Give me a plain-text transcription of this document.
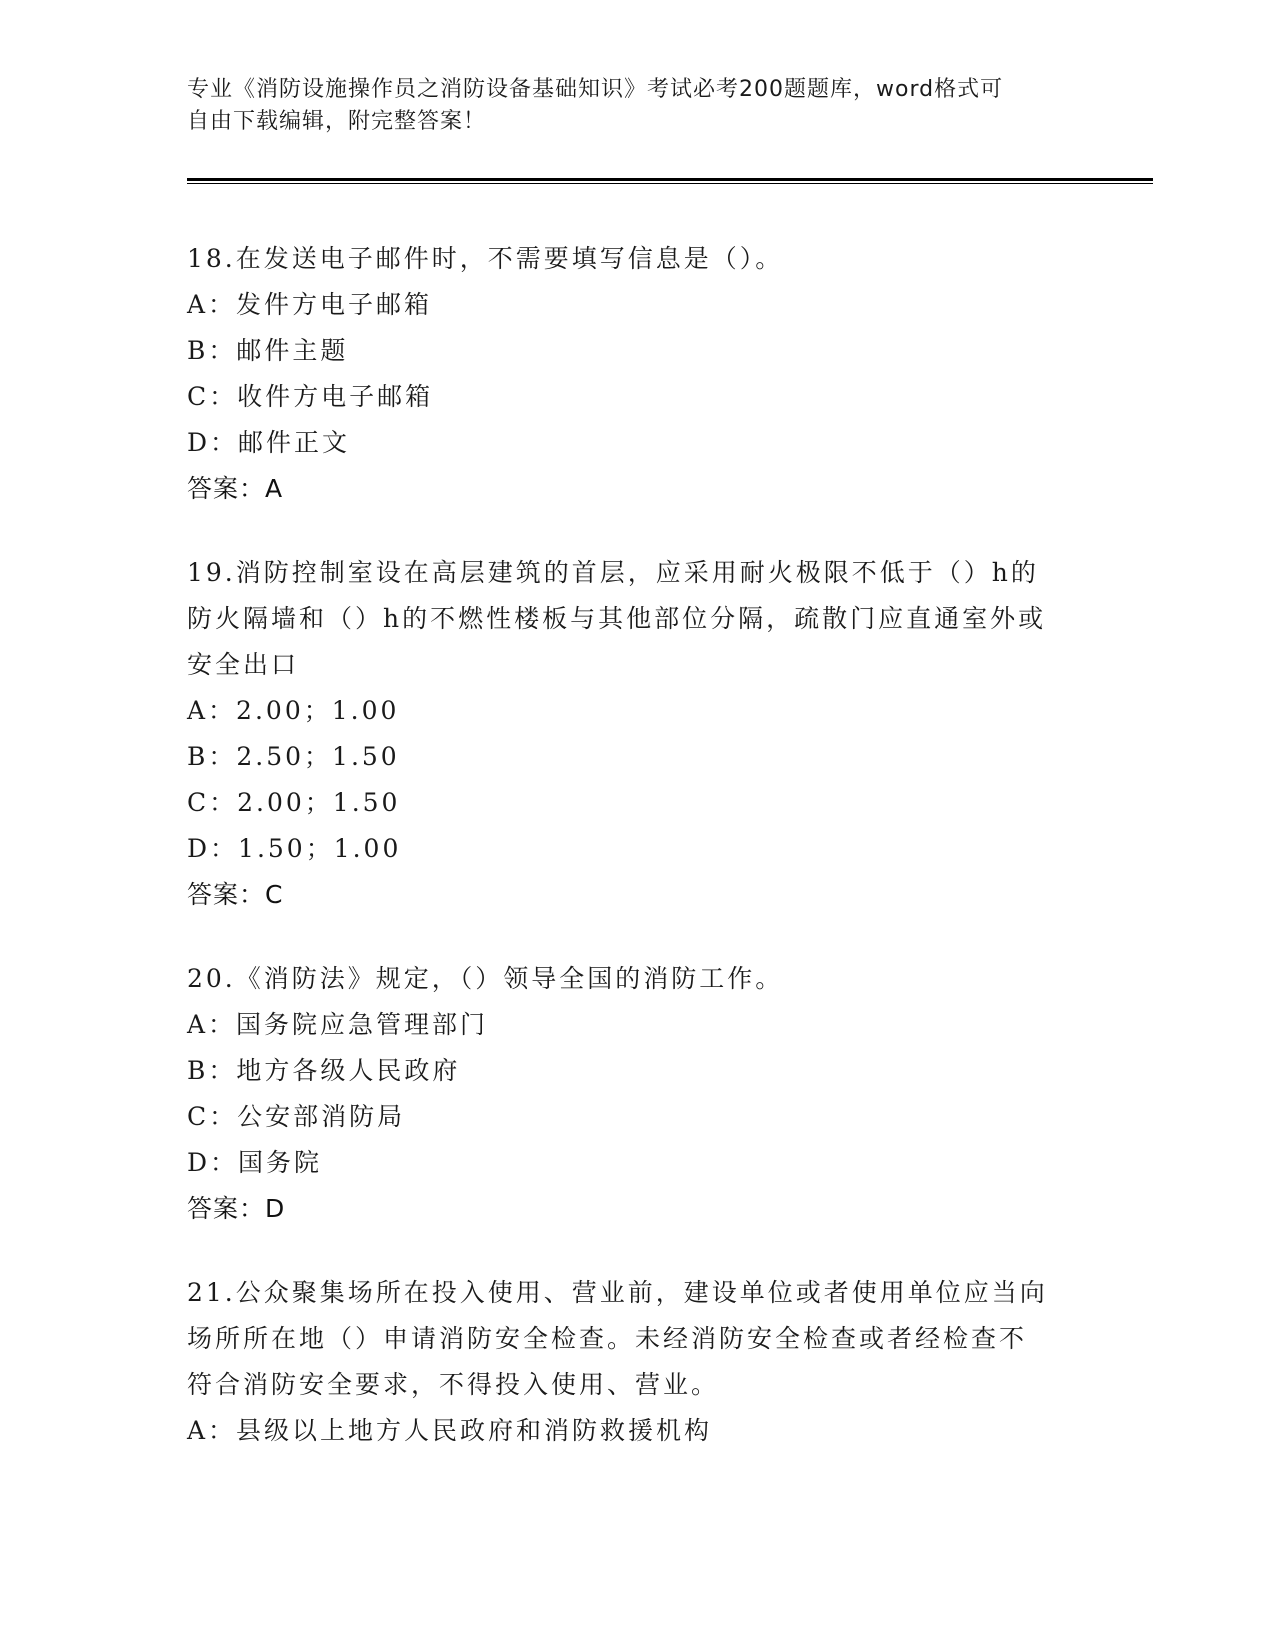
专业《消防设施操作员之消防设备基础知识》考试必考200题题库，word格式可
自由下载编辑，附完整答案！
18.在发送电子邮件时，不需要填写信息是（）。
A：发件方电子邮箱
B：邮件主题
C：收件方电子邮箱
D：邮件正文
答案：A
19.消防控制室设在高层建筑的首层，应采用耐火极限不低于（）h的
防火隔墙和（）h的不燃性楼板与其他部位分隔，疏散门应直通室外或
安全出口
A：2.00；1.00
B：2.50；1.50
C：2.00；1.50
D：1.50；1.00
答案：C
20.《消防法》规定，（）领导全国的消防工作。
A：国务院应急管理部门
B：地方各级人民政府
C：公安部消防局
D：国务院
答案：D
21.公众聚集场所在投入使用、营业前，建设单位或者使用单位应当向
场所所在地（）申请消防安全检查。未经消防安全检查或者经检查不
符合消防安全要求，不得投入使用、营业。
A：县级以上地方人民政府和消防救援机构
